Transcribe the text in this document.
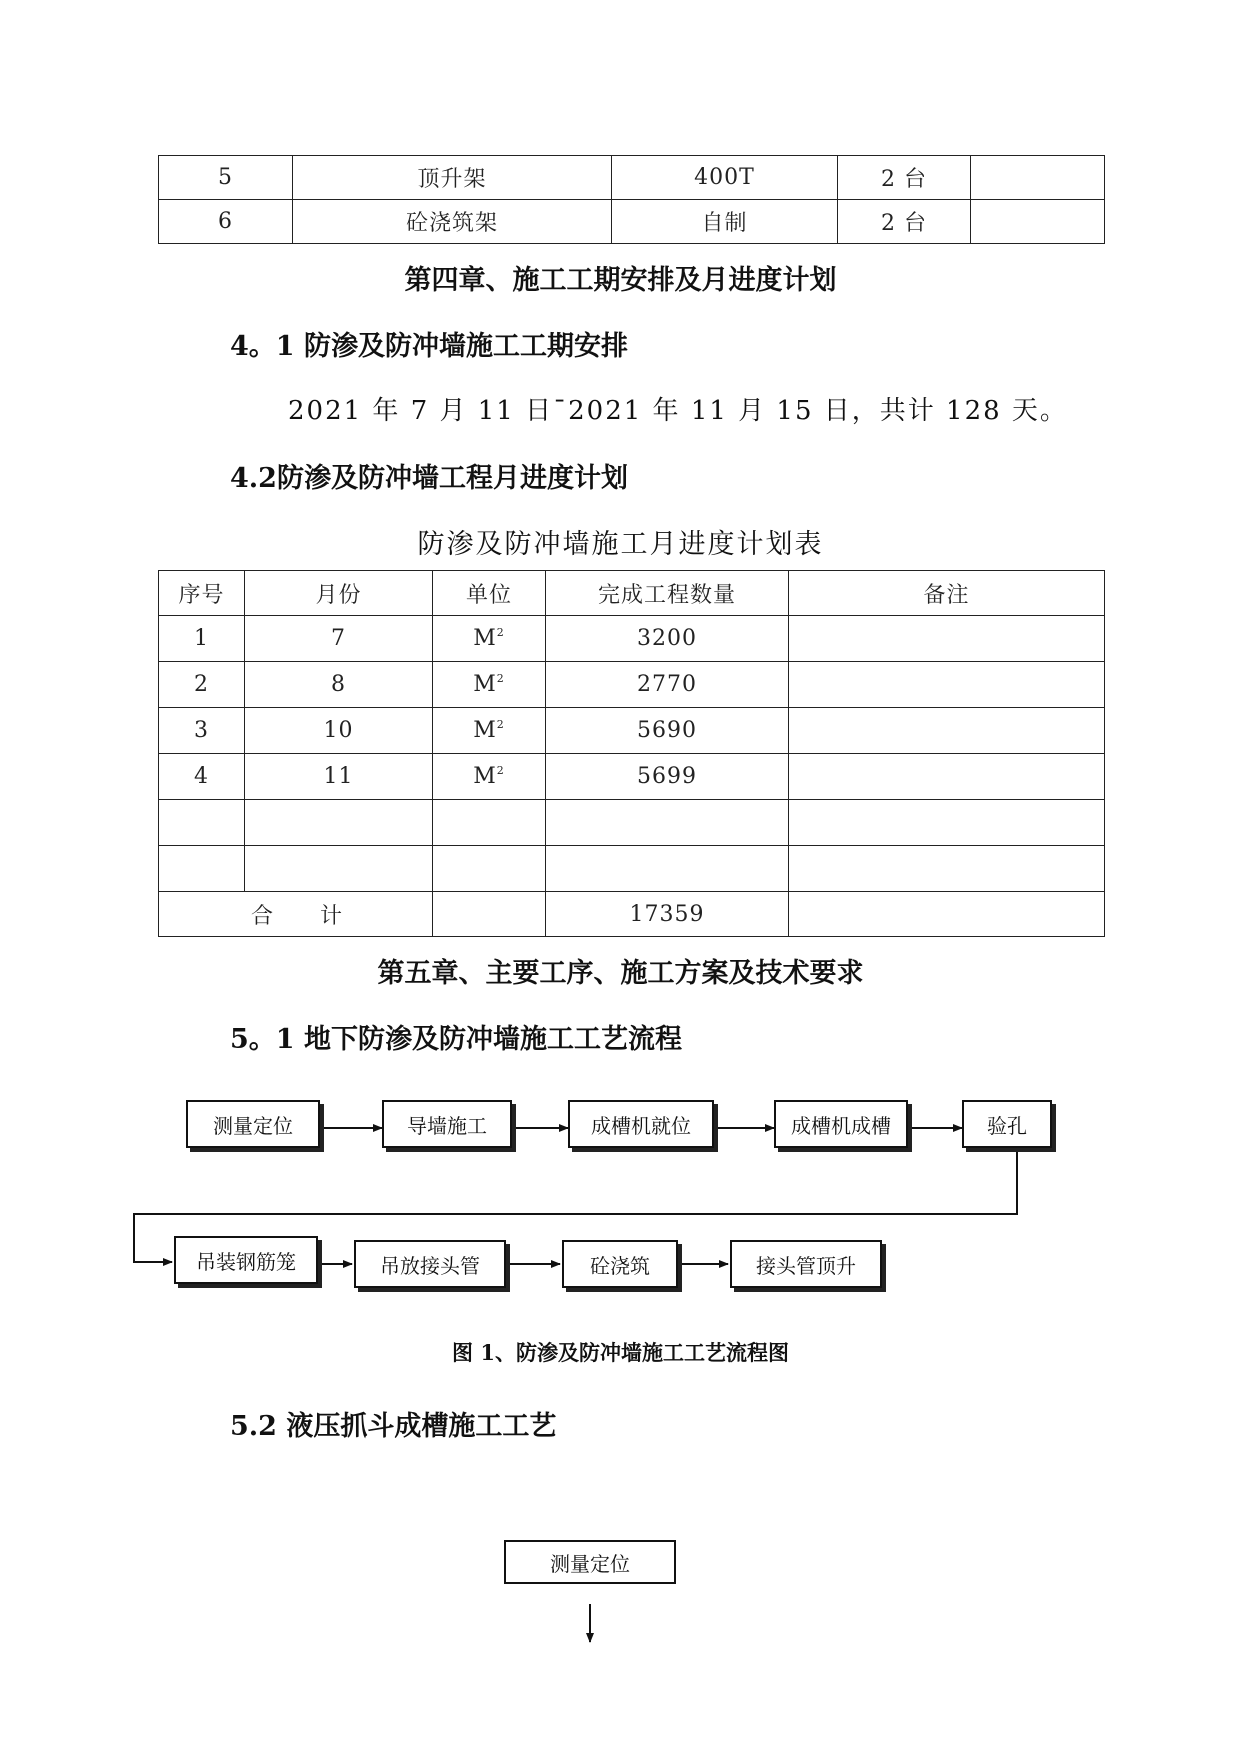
5	顶升架	400T	2 台	
6	砼浇筑架	自制	2 台	
第四章、施工工期安排及月进度计划
4。1 防渗及防冲墙施工工期安排
2021 年 7 月 11 日¯2021 年 11 月 15 日，共计 128 天。
4.2防渗及防冲墙工程月进度计划
防渗及防冲墙施工月进度计划表
序号	月份	单位	完成工程数量	备注
1	7	$M^2$	3200	
2	8	$M^2$	2770	
3	10	$M^2$	5690	
4	11	$M^2$	5699	

合　　计			17359	
第五章、主要工序、施工方案及技术要求
5。1 地下防渗及防冲墙施工工艺流程
测量定位	导墙施工	成槽机就位	成槽机成槽	验孔
吊装钢筋笼	吊放接头管	砼浇筑	接头管顶升
图 1、防渗及防冲墙施工工艺流程图
5.2 液压抓斗成槽施工工艺
测量定位
